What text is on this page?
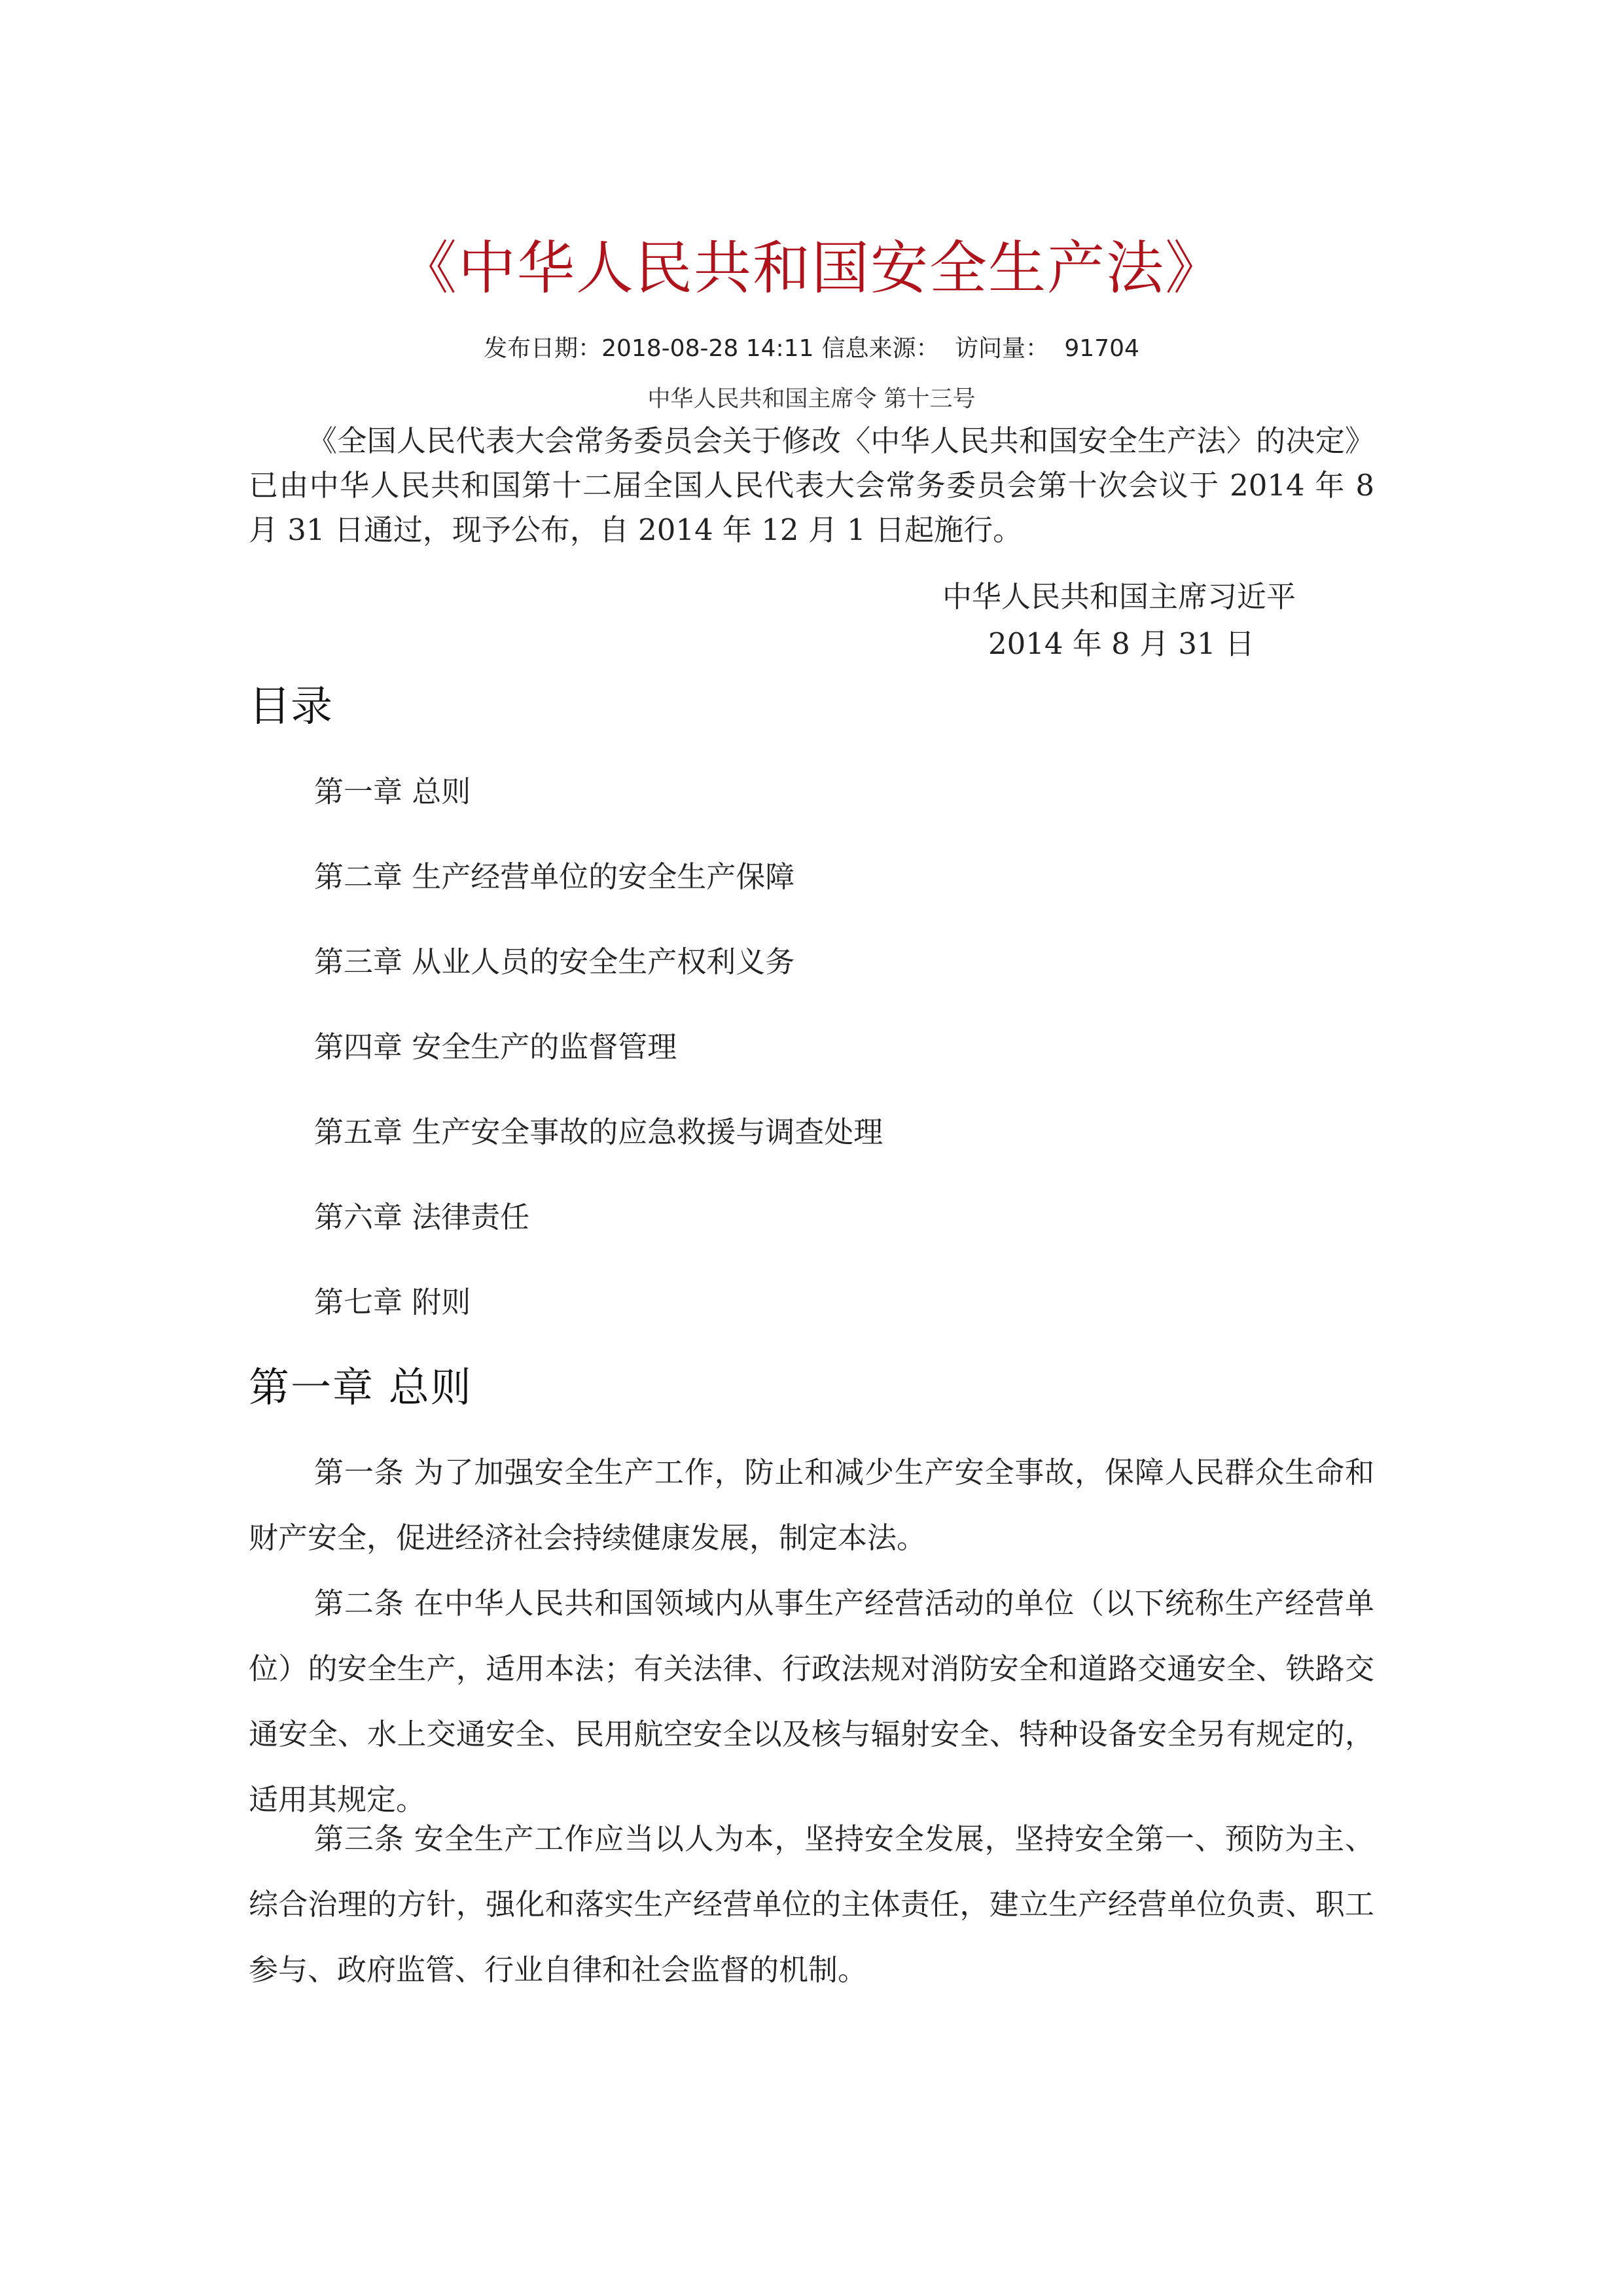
《中华人民共和国安全生产法》
发布日期：2018-08-28 14:11 信息来源： 访问量： 91704
中华人民共和国主席令 第十三号

《全国人民代表大会常务委员会关于修改〈中华人民共和国安全生产法〉的决定》已由中华人民共和国第十二届全国人民代表大会常务委员会第十次会议于 2014 年 8 月 31 日通过，现予公布，自 2014 年 12 月 1 日起施行。

中华人民共和国主席习近平
2014 年 8 月 31 日
目录
第一章 总则
第二章 生产经营单位的安全生产保障
第三章 从业人员的安全生产权利义务
第四章 安全生产的监督管理
第五章 生产安全事故的应急救援与调查处理
第六章 法律责任
第七章 附则
第一章 总则

第一条 为了加强安全生产工作，防止和减少生产安全事故，保障人民群众生命和财产安全，促进经济社会持续健康发展，制定本法。

第二条 在中华人民共和国领域内从事生产经营活动的单位（以下统称生产经营单位）的安全生产，适用本法；有关法律、行政法规对消防安全和道路交通安全、铁路交通安全、水上交通安全、民用航空安全以及核与辐射安全、特种设备安全另有规定的，适用其规定。

第三条 安全生产工作应当以人为本，坚持安全发展，坚持安全第一、预防为主、综合治理的方针，强化和落实生产经营单位的主体责任，建立生产经营单位负责、职工参与、政府监管、行业自律和社会监督的机制。
